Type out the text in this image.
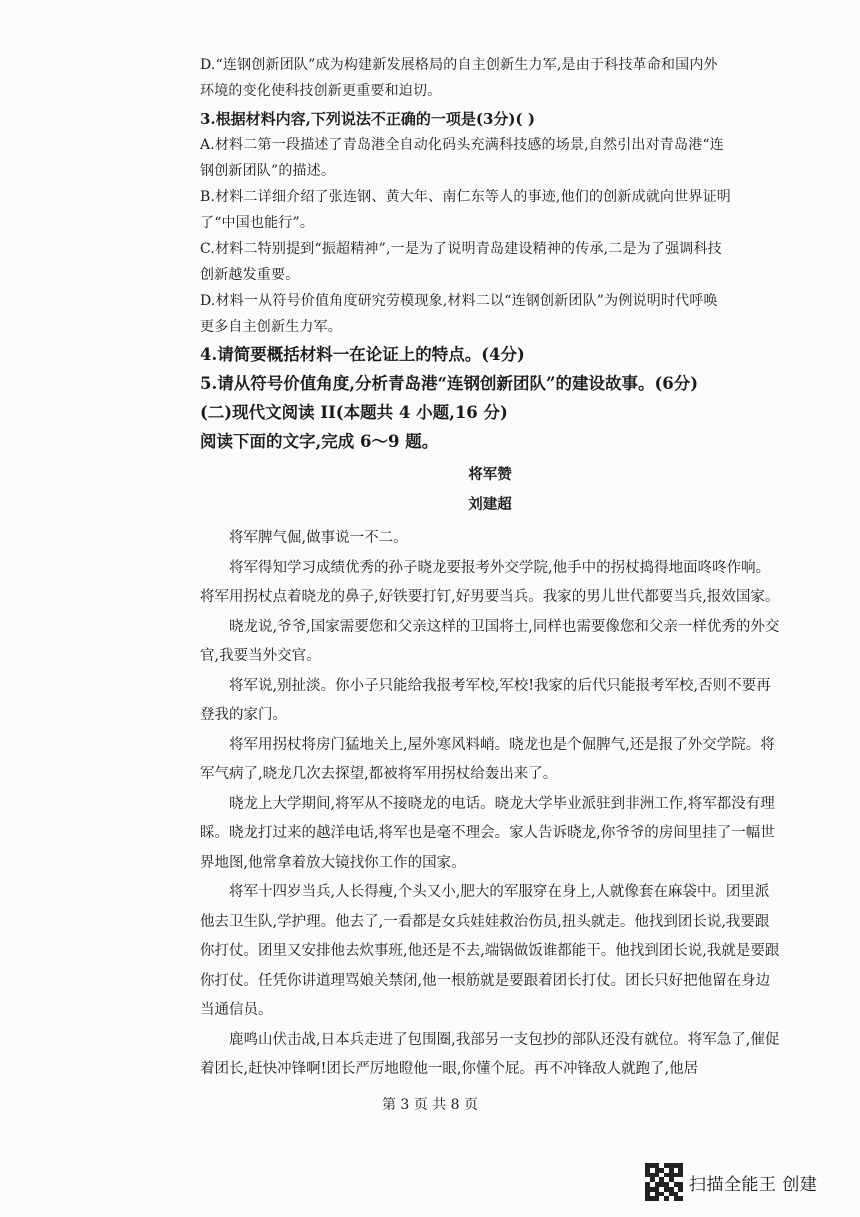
D.“连钢创新团队”成为构建新发展格局的自主创新生力军,是由于科技革命和国内外

环境的变化使科技创新更重要和迫切。

3.根据材料内容,下列说法不正确的一项是(3分)( )

A.材料二第一段描述了青岛港全自动化码头充满科技感的场景,自然引出对青岛港“连

钢创新团队”的描述。

B.材料二详细介绍了张连钢、黄大年、南仁东等人的事迹,他们的创新成就向世界证明

了“中国也能行”。

C.材料二特别提到“振超精神”,一是为了说明青岛建设精神的传承,二是为了强调科技

创新越发重要。

D.材料一从符号价值角度研究劳模现象,材料二以“连钢创新团队”为例说明时代呼唤

更多自主创新生力军。

4.请简要概括材料一在论证上的特点。(4分)

5.请从符号价值角度,分析青岛港“连钢创新团队”的建设故事。(6分)

(二)现代文阅读 II(本题共 4 小题,16 分)

阅读下面的文字,完成 6～9 题。

将军赞

刘建超

将军脾气倔,做事说一不二。

将军得知学习成绩优秀的孙子晓龙要报考外交学院,他手中的拐杖捣得地面咚咚作响。将军用拐杖点着晓龙的鼻子,好铁要打钉,好男要当兵。我家的男儿世代都要当兵,报效国家。

晓龙说,爷爷,国家需要您和父亲这样的卫国将士,同样也需要像您和父亲一样优秀的外交官,我要当外交官。

将军说,别扯淡。你小子只能给我报考军校,军校!我家的后代只能报考军校,否则不要再登我的家门。

将军用拐杖将房门猛地关上,屋外寒风料峭。晓龙也是个倔脾气,还是报了外交学院。将军气病了,晓龙几次去探望,都被将军用拐杖给轰出来了。

晓龙上大学期间,将军从不接晓龙的电话。晓龙大学毕业派驻到非洲工作,将军都没有理睬。晓龙打过来的越洋电话,将军也是毫不理会。家人告诉晓龙,你爷爷的房间里挂了一幅世界地图,他常拿着放大镜找你工作的国家。

将军十四岁当兵,人长得瘦,个头又小,肥大的军服穿在身上,人就像套在麻袋中。团里派他去卫生队,学护理。他去了,一看都是女兵娃娃救治伤员,扭头就走。他找到团长说,我要跟你打仗。团里又安排他去炊事班,他还是不去,端锅做饭谁都能干。他找到团长说,我就是要跟你打仗。任凭你讲道理骂娘关禁闭,他一根筋就是要跟着团长打仗。团长只好把他留在身边当通信员。

鹿鸣山伏击战,日本兵走进了包围圈,我部另一支包抄的部队还没有就位。将军急了,催促着团长,赶快冲锋啊!团长严厉地瞪他一眼,你懂个屁。再不冲锋敌人就跑了,他居

第 3 页 共 8 页
扫描全能王 创建
